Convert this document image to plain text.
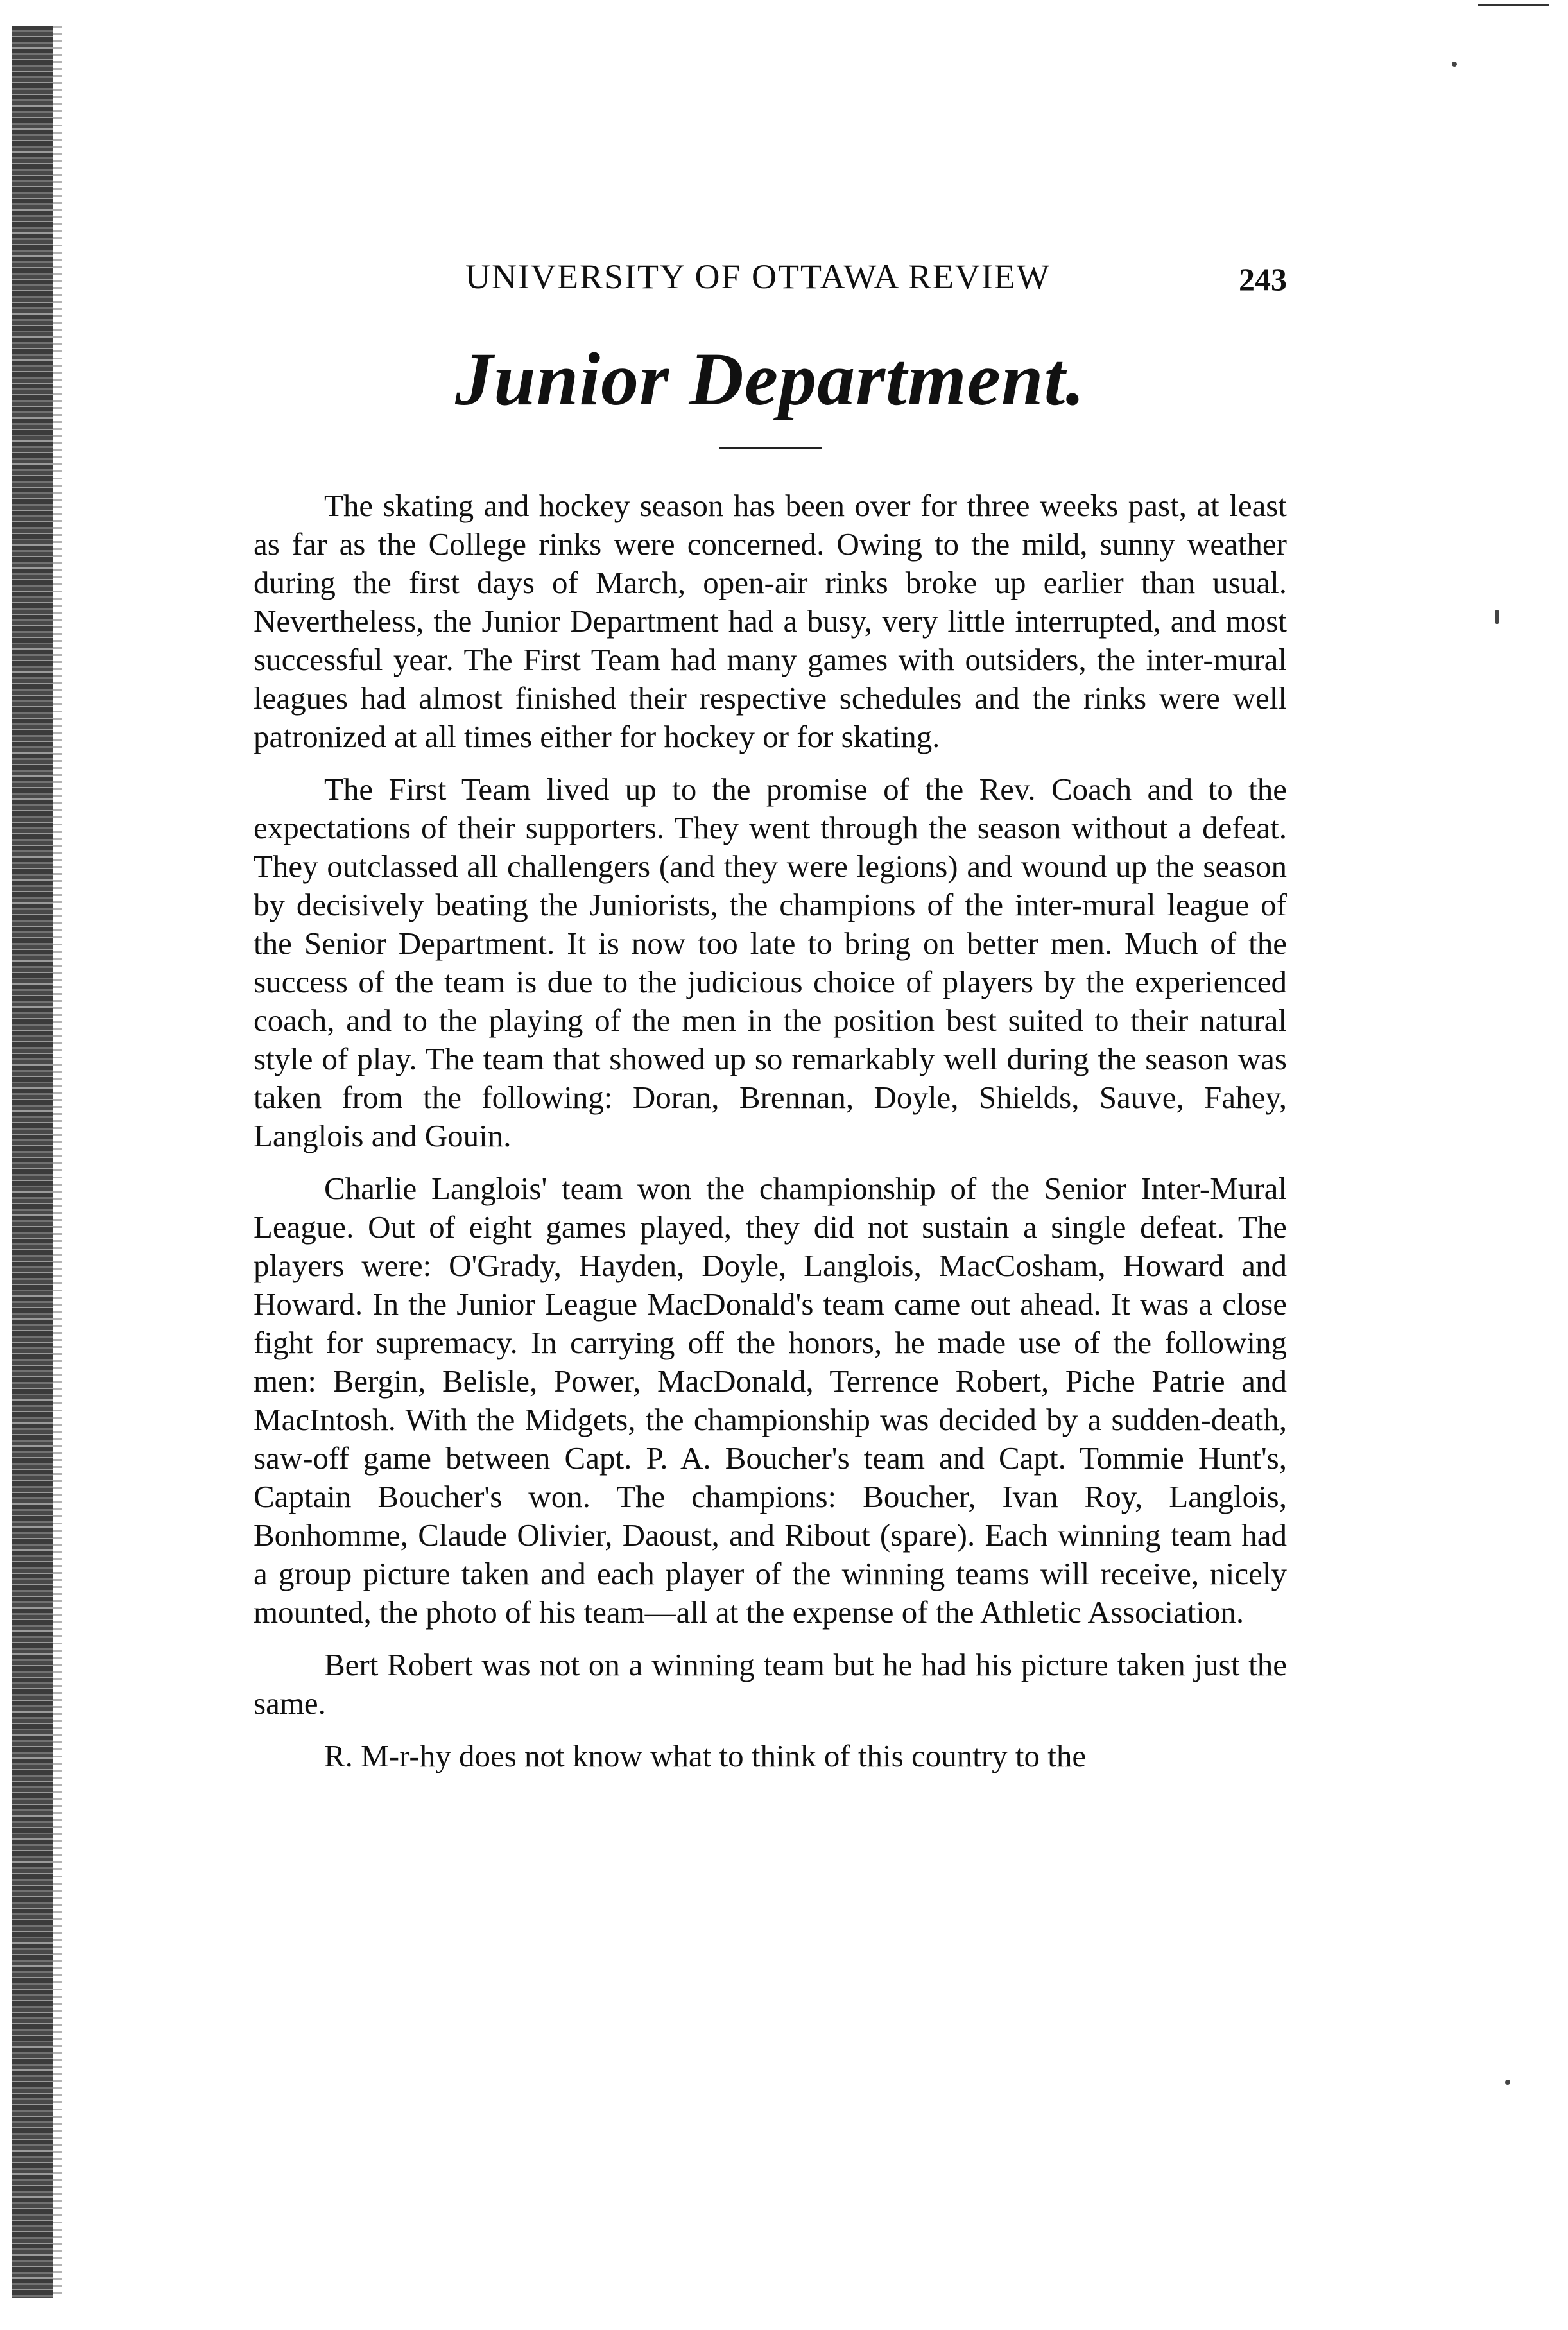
UNIVERSITY OF OTTAWA REVIEW	243
Junior Department.

The skating and hockey season has been over for three weeks past, at least as far as the College rinks were concerned. Owing to the mild, sunny weather during the first days of March, open-air rinks broke up earlier than usual. Nevertheless, the Junior Department had a busy, very little interrupted, and most successful year. The First Team had many games with outsiders, the inter-mural leagues had almost finished their respective schedules and the rinks were well patronized at all times either for hockey or for skating.

The First Team lived up to the promise of the Rev. Coach and to the expectations of their supporters. They went through the season without a defeat. They outclassed all challengers (and they were legions) and wound up the season by decisively beating the Juniorists, the champions of the inter-mural league of the Senior Department. It is now too late to bring on better men. Much of the success of the team is due to the judicious choice of players by the experienced coach, and to the playing of the men in the position best suited to their natural style of play. The team that showed up so remarkably well during the season was taken from the following: Doran, Brennan, Doyle, Shields, Sauve, Fahey, Langlois and Gouin.

Charlie Langlois' team won the championship of the Senior Inter-Mural League. Out of eight games played, they did not sustain a single defeat. The players were: O'Grady, Hayden, Doyle, Langlois, MacCosham, Howard and Howard. In the Junior League MacDonald's team came out ahead. It was a close fight for supremacy. In carrying off the honors, he made use of the following men: Bergin, Belisle, Power, MacDonald, Terrence Robert, Piche Patrie and MacIntosh. With the Midgets, the championship was decided by a sudden-death, saw-off game between Capt. P. A. Boucher's team and Capt. Tommie Hunt's, Captain Boucher's won. The champions: Boucher, Ivan Roy, Langlois, Bonhomme, Claude Olivier, Daoust, and Ribout (spare). Each winning team had a group picture taken and each player of the winning teams will receive, nicely mounted, the photo of his team—all at the expense of the Athletic Association.

Bert Robert was not on a winning team but he had his picture taken just the same.

R. M-r-hy does not know what to think of this country to the
